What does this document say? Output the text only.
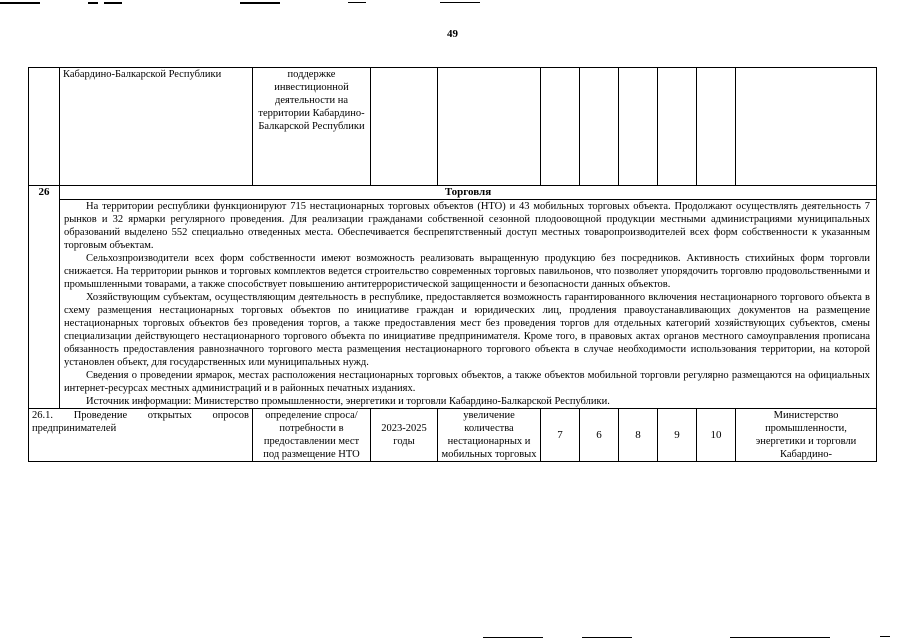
49
	Кабардино-Балкарской Республики	поддержке инвестиционной деятельности на территории Кабардино-Балкарской Республики								
26	Торговля									

	На территории республики функционируют 715 нестационарных торговых объектов (НТО) и 43 мобильных торговых объекта. Продолжают осуществлять деятельность 7 рынков и 32 ярмарки регулярного проведения. Для реализации гражданами собственной сезонной плодоовощной продукции местными администрациями муниципальных образований выделено 552 специально отведенных места. Обеспечивается беспрепятственный доступ местных товаропроизводителей всех форм собственности к указанным торговым объектам.

Сельхозпроизводители всех форм собственности имеют возможность реализовать выращенную продукцию без посредников. Активность стихийных форм торговли снижается. На территории рынков и торговых комплектов ведется строительство современных торговых павильонов, что позволяет упорядочить торговлю продовольственными и промышленными товарами, а также способствует повышению антитеррористической защищенности и безопасности данных объектов.

Хозяйствующим субъектам, осуществляющим деятельность в республике, предоставляется возможность гарантированного включения нестационарного торгового объекта в схему размещения нестационарных торговых объектов по инициативе граждан и юридических лиц, продления правоустанавливающих документов на размещение нестационарных торговых объектов без проведения торгов, а также предоставления мест без проведения торгов для отдельных категорий хозяйствующих субъектов, смены специализации действующего нестационарного торгового объекта по инициативе предпринимателя. Кроме того, в правовых актах органов местного самоуправления прописана обязанность предоставления равнозначного торгового места размещения нестационарного торгового объекта в случае необходимости использования территории, на которой установлен объект, для государственных или муниципальных нужд.

Сведения о проведении ярмарок, местах расположения нестационарных торговых объектов, а также объектов мобильной торговли регулярно размещаются на официальных интернет-ресурсах местных администраций и в районных печатных изданиях.

Источник информации: Министерство промышленности, энергетики и торговли Кабардино-Балкарской Республики.									

26.1. Проведение открытых опросов предпринимателей		определение спроса/потребности в предоставлении мест под размещение НТО	2023-2025 годы	увеличение количества нестационарных и мобильных торговых	7	6	8	9	10	Министерство промышленности, энергетики и торговли Кабардино-
